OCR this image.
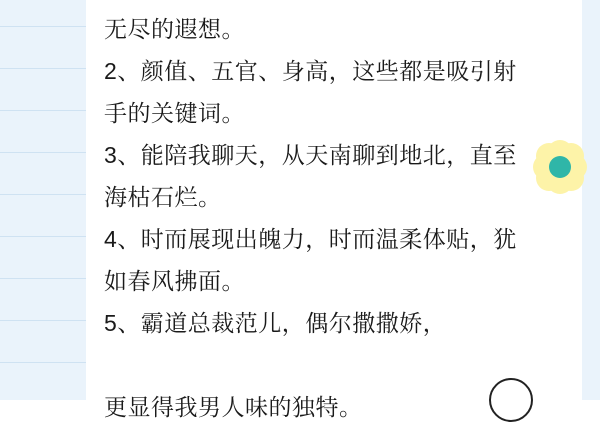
无尽的遐想。
2、颜值、五官、身高，这些都是吸引射手的关键词。
3、能陪我聊天，从天南聊到地北，直至海枯石烂。
4、时而展现出魄力，时而温柔体贴，犹如春风拂面。
5、霸道总裁范儿，偶尔撒撒娇，
更显得我男人味的独特。
